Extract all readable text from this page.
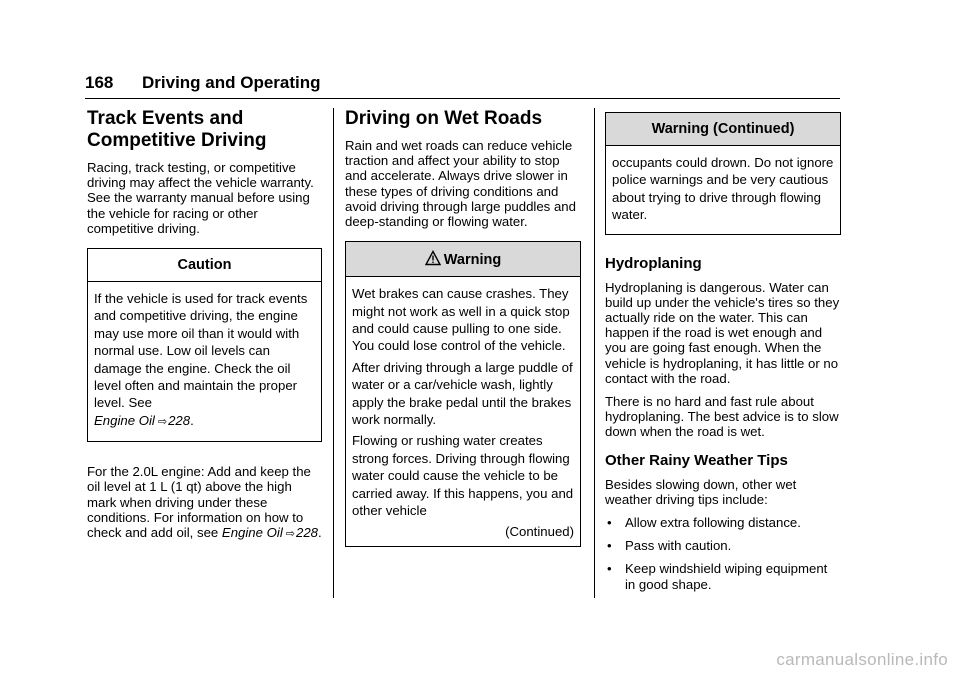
168 Driving and Operating
Track Events and
Competitive Driving

Racing, track testing, or competitive driving may affect the vehicle warranty. See the warranty manual before using the vehicle for racing or other competitive driving.

Caution

If the vehicle is used for track events and competitive driving, the engine may use more oil than it would with normal use. Low oil levels can damage the engine. Check the oil level often and maintain the proper level. See
Engine Oil ⇨228.

For the 2.0L engine: Add and keep the oil level at 1 L (1 qt) above the high mark when driving under these conditions. For information on how to check and add oil, see Engine Oil ⇨228.

Driving on Wet Roads

Rain and wet roads can reduce vehicle traction and affect your ability to stop and accelerate. Always drive slower in these types of driving conditions and avoid driving through large puddles and deep-standing or flowing water.

Warning

Wet brakes can cause crashes. They might not work as well in a quick stop and could cause pulling to one side. You could lose control of the vehicle.

After driving through a large puddle of water or a car/vehicle wash, lightly apply the brake pedal until the brakes work normally.

Flowing or rushing water creates strong forces. Driving through flowing water could cause the vehicle to be carried away. If this happens, you and other vehicle

(Continued)
Warning (Continued)

occupants could drown. Do not ignore police warnings and be very cautious about trying to drive through flowing water.

Hydroplaning

Hydroplaning is dangerous. Water can build up under the vehicle's tires so they actually ride on the water. This can happen if the road is wet enough and you are going fast enough. When the vehicle is hydroplaning, it has little or no contact with the road.

There is no hard and fast rule about hydroplaning. The best advice is to slow down when the road is wet.

Other Rainy Weather Tips

Besides slowing down, other wet weather driving tips include:

• Allow extra following distance.
• Pass with caution.
• Keep windshield wiping equipment in good shape.
carmanualsonline.info
